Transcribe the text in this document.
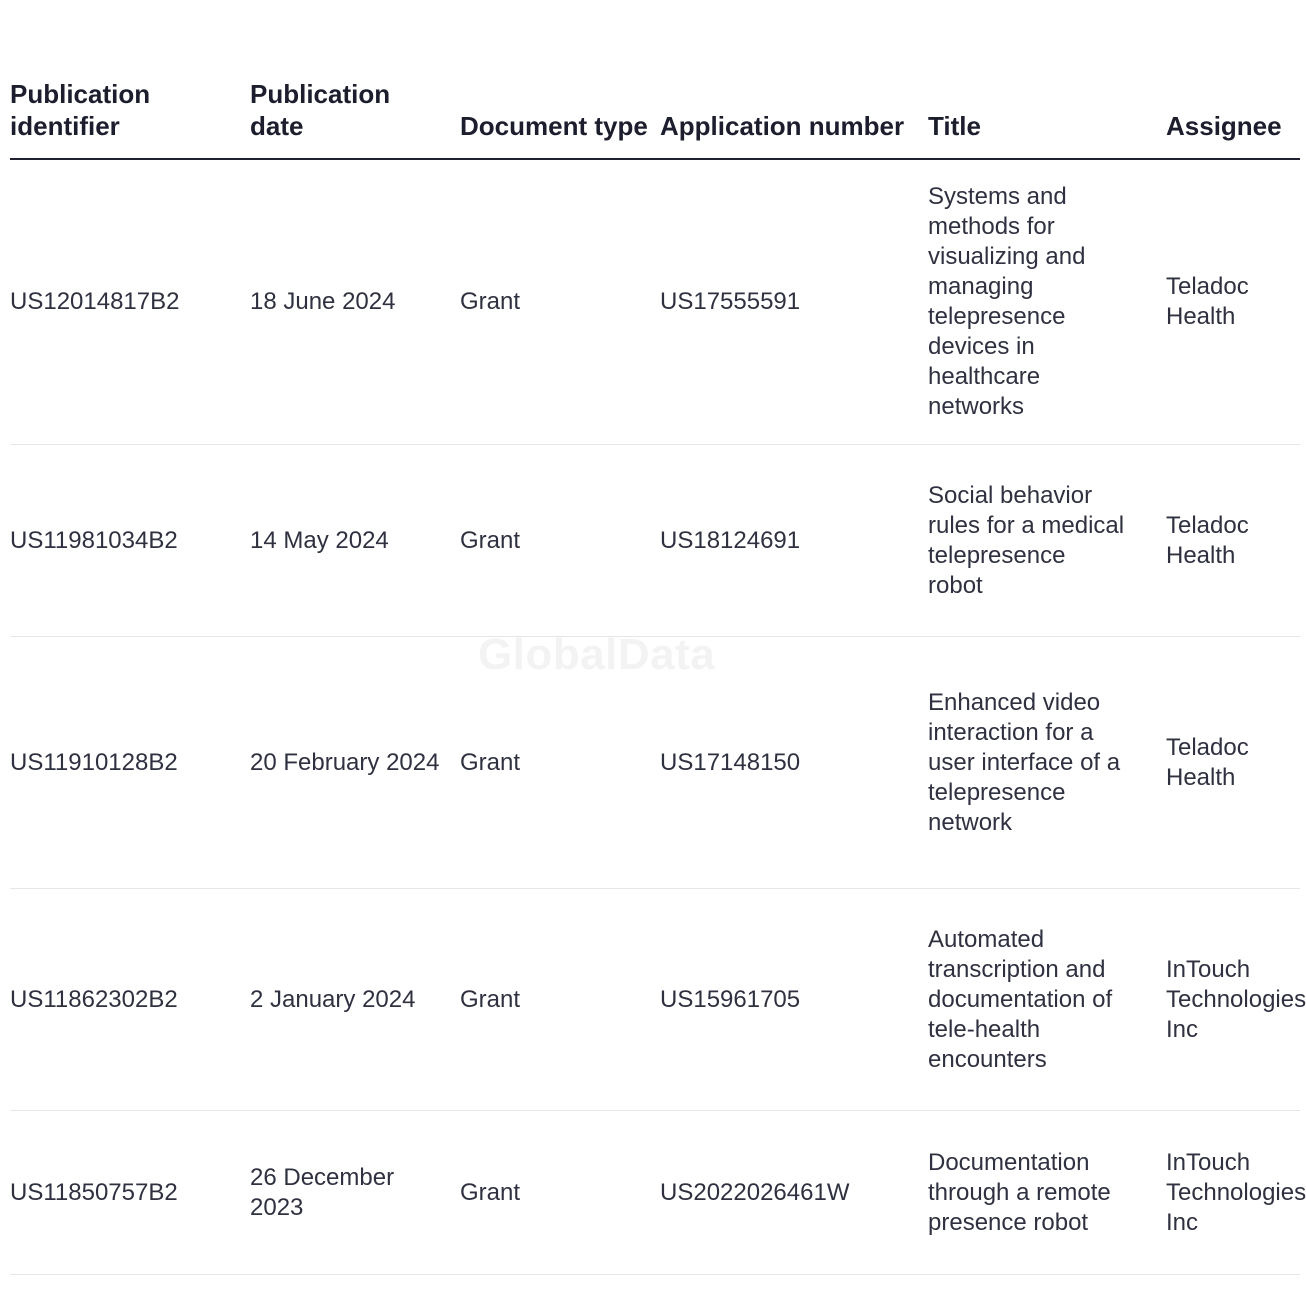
GlobalData
Publication identifier	Publication date	Document type	Application number	Title	Assignee
US12014817B2	18 June 2024	Grant	US17555591	Systems and methods for visualizing and managing telepresence devices in healthcare networks	Teladoc Health
US11981034B2	14 May 2024	Grant	US18124691	Social behavior rules for a medical telepresence robot	Teladoc Health
US11910128B2	20 February 2024	Grant	US17148150	Enhanced video interaction for a user interface of a telepresence network	Teladoc Health
US11862302B2	2 January 2024	Grant	US15961705	Automated transcription and documentation of tele-health encounters	InTouch Technologies Inc
US11850757B2	26 December 2023	Grant	US2022026461W	Documentation through a remote presence robot	InTouch Technologies Inc
